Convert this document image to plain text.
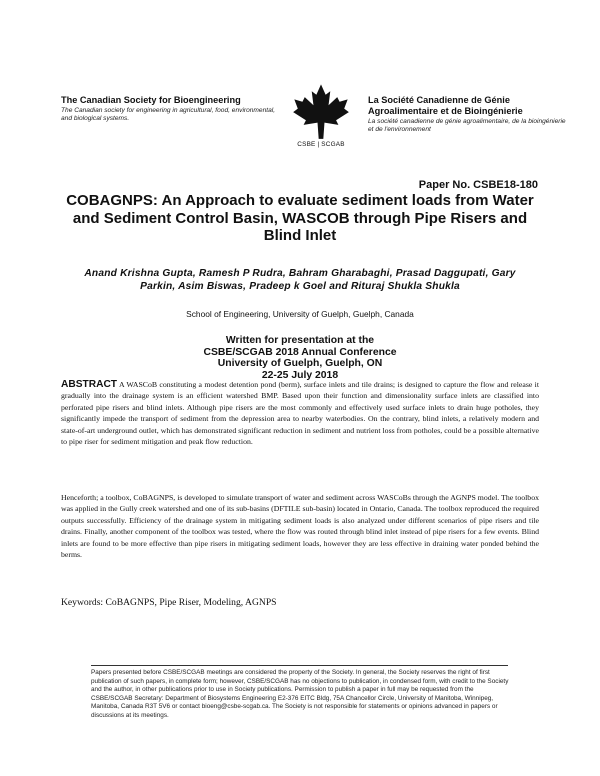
The Canadian Society for Bioengineering

The Canadian society for engineering in agricultural, food, environmental, and biological systems.

CSBE | SCGAB

La Société Canadienne de Génie Agroalimentaire et de Bioingénierie

La société canadienne de génie agroalimentaire, de la bioingénierie et de l'environnement

Paper No. CSBE18-180
COBAGNPS: An Approach to evaluate sediment loads from Water and Sediment Control Basin, WASCOB through Pipe Risers and Blind Inlet
Anand Krishna Gupta, Ramesh P Rudra, Bahram Gharabaghi, Prasad Daggupati, Gary Parkin, Asim Biswas, Pradeep k Goel and Rituraj Shukla Shukla
School of Engineering, University of Guelph, Guelph, Canada
Written for presentation at the
CSBE/SCGAB 2018 Annual Conference
University of Guelph, Guelph, ON
22-25 July 2018
ABSTRACT A WASCoB constituting a modest detention pond (berm), surface inlets and tile drains; is designed to capture the flow and release it gradually into the drainage system is an efficient watershed BMP. Based upon their function and dimensionality surface inlets are classified into perforated pipe risers and blind inlets. Although pipe risers are the most commonly and effectively used surface inlets to drain huge potholes, they significantly impede the transport of sediment from the depression area to nearby waterbodies. On the contrary, blind inlets, a relatively modern and state-of-art underground outlet, which has demonstrated significant reduction in sediment and nutrient loss from potholes, could be a possible alternative to pipe riser for sediment mitigation and peak flow reduction.
Henceforth; a toolbox, CoBAGNPS, is developed to simulate transport of water and sediment across WASCoBs through the AGNPS model. The toolbox was applied in the Gully creek watershed and one of its sub-basins (DFTILE sub-basin) located in Ontario, Canada. The toolbox reproduced the required outputs successfully. Efficiency of the drainage system in mitigating sediment loads is also analyzed under different scenarios of pipe risers and tile drains. Finally, another component of the toolbox was tested, where the flow was routed through blind inlet instead of pipe risers for a few events. Blind inlets are found to be more effective than pipe risers in mitigating sediment loads, however they are less effective in draining water ponded behind the berms.
Keywords: CoBAGNPS, Pipe Riser, Modeling, AGNPS
Papers presented before CSBE/SCGAB meetings are considered the property of the Society. In general, the Society reserves the right of first publication of such papers, in complete form; however, CSBE/SCGAB has no objections to publication, in condensed form, with credit to the Society and the author, in other publications prior to use in Society publications. Permission to publish a paper in full may be requested from the CSBE/SCGAB Secretary: Department of Biosystems Engineering E2-376 EITC Bldg, 75A Chancellor Circle, University of Manitoba, Winnipeg, Manitoba, Canada R3T 5V6 or contact bioeng@csbe-scgab.ca. The Society is not responsible for statements or opinions advanced in papers or discussions at its meetings.
